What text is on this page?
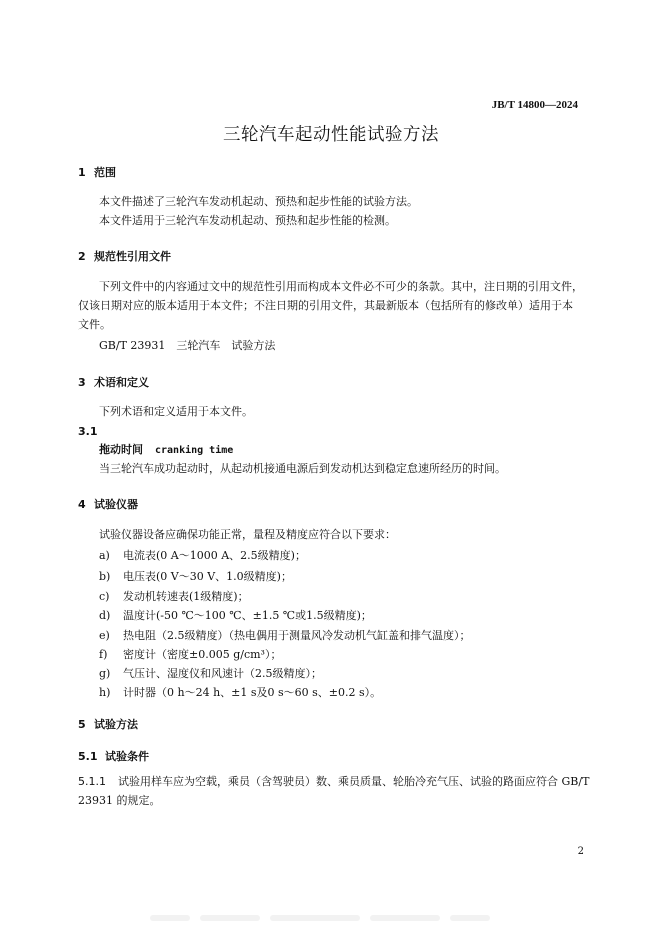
JB/T 14800—2024
三轮汽车起动性能试验方法
1 范围
本文件描述了三轮汽车发动机起动、预热和起步性能的试验方法。
本文件适用于三轮汽车发动机起动、预热和起步性能的检测。
2 规范性引用文件
下列文件中的内容通过文中的规范性引用而构成本文件必不可少的条款。其中，注日期的引用文件，
仅该日期对应的版本适用于本文件；不注日期的引用文件，其最新版本（包括所有的修改单）适用于本
文件。
GB/T 23931　三轮汽车　试验方法
3 术语和定义
下列术语和定义适用于本文件。
3.1
拖动时间 cranking time
当三轮汽车成功起动时，从起动机接通电源后到发动机达到稳定怠速所经历的时间。
4 试验仪器
试验仪器设备应确保功能正常，量程及精度应符合以下要求：
a) 电流表(0 A～1000 A、2.5级精度)；
b) 电压表(0 V～30 V、1.0级精度)；
c) 发动机转速表(1级精度)；
d) 温度计(-50 ℃～100 ℃、±1.5 ℃或1.5级精度)；
e) 热电阻（2.5级精度）（热电偶用于测量风冷发动机气缸盖和排气温度）；
f) 密度计（密度±0.005 g/cm³）；
g) 气压计、湿度仪和风速计（2.5级精度）；
h) 计时器（0 h～24 h、±1 s及0 s～60 s、±0.2 s）。
5 试验方法
5.1 试验条件
5.1.1 试验用样车应为空载，乘员（含驾驶员）数、乘员质量、轮胎冷充气压、试验的路面应符合 GB/T
23931 的规定。
2
